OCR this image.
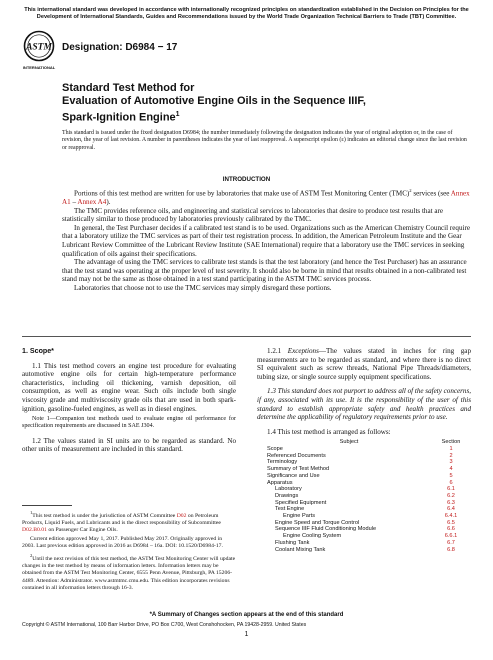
This international standard was developed in accordance with internationally recognized principles on standardization established in the Decision on Principles for the Development of International Standards, Guides and Recommendations issued by the World Trade Organization Technical Barriers to Trade (TBT) Committee.
ASTM
INTERNATIONAL
Designation: D6984 − 17
Standard Test Method for
Evaluation of Automotive Engine Oils in the Sequence IIIF,
Spark-Ignition Engine$^1$
This standard is issued under the fixed designation D6984; the number immediately following the designation indicates the year of original adoption or, in the case of revision, the year of last revision. A number in parentheses indicates the year of last reapproval. A superscript epsilon (ε) indicates an editorial change since the last revision or reapproval.
INTRODUCTION

Portions of this test method are written for use by laboratories that make use of ASTM Test Monitoring Center (TMC)$^2$ services (see Annex A1 – Annex A4).

The TMC provides reference oils, and engineering and statistical services to laboratories that desire to produce test results that are statistically similar to those produced by laboratories previously calibrated by the TMC.

In general, the Test Purchaser decides if a calibrated test stand is to be used. Organizations such as the American Chemistry Council require that a laboratory utilize the TMC services as part of their test registration process. In addition, the American Petroleum Institute and the Gear Lubricant Review Committee of the Lubricant Review Institute (SAE International) require that a laboratory use the TMC services in seeking qualification of oils against their specifications.

The advantage of using the TMC services to calibrate test stands is that the test laboratory (and hence the Test Purchaser) has an assurance that the test stand was operating at the proper level of test severity. It should also be borne in mind that results obtained in a non-calibrated test stand may not be the same as those obtained in a test stand participating in the ASTM TMC services process.

Laboratories that choose not to use the TMC services may simply disregard these portions.

1. Scope*

1.1 This test method covers an engine test procedure for evaluating automotive engine oils for certain high-temperature performance characteristics, including oil thickening, varnish deposition, oil consumption, as well as engine wear. Such oils include both single viscosity grade and multiviscosity grade oils that are used in both spark-ignition, gasoline-fueled engines, as well as in diesel engines.

Note 1—Companion test methods used to evaluate engine oil performance for specification requirements are discussed in SAE J304.

1.2 The values stated in SI units are to be regarded as standard. No other units of measurement are included in this standard.

$^1$This test method is under the jurisdiction of ASTM Committee D02 on Petroleum Products, Liquid Fuels, and Lubricants and is the direct responsibility of Subcommittee D02.B0.01 on Passenger Car Engine Oils.

Current edition approved May 1, 2017. Published May 2017. Originally approved in 2003. Last previous edition approved in 2016 as D6984 – 16a. DOI: 10.1520/D6984-17.

$^2$Until the next revision of this test method, the ASTM Test Monitoring Center will update changes in the test method by means of information letters. Information letters may be obtained from the ASTM Test Monitoring Center, 6555 Penn Avenue, Pittsburgh, PA 15206-4489. Attention: Administrator. www.astmtmc.cmu.edu. This edition incorporates revisions contained in all information letters through 16-3.

1.2.1 Exceptions—The values stated in inches for ring gap measurements are to be regarded as standard, and where there is no direct SI equivalent such as screw threads, National Pipe Threads/diameters, tubing size, or single source supply equipment specifications.

1.3 This standard does not purport to address all of the safety concerns, if any, associated with its use. It is the responsibility of the user of this standard to establish appropriate safety and health practices and determine the applicability of regulatory requirements prior to use.

1.4 This test method is arranged as follows:

Subject	Section
Scope	1
Referenced Documents	2
Terminology	3
Summary of Test Method	4
Significance and Use	5
Apparatus	6
Laboratory	6.1
Drawings	6.2
Specified Equipment	6.3
Test Engine	6.4
Engine Parts	6.4.1
Engine Speed and Torque Control	6.5
Sequence IIIF Fluid Conditioning Module	6.6
Engine Cooling System	6.6.1
Flushing Tank	6.7
Coolant Mixing Tank	6.8
*A Summary of Changes section appears at the end of this standard
Copyright © ASTM International, 100 Barr Harbor Drive, PO Box C700, West Conshohocken, PA 19428-2959. United States
1
